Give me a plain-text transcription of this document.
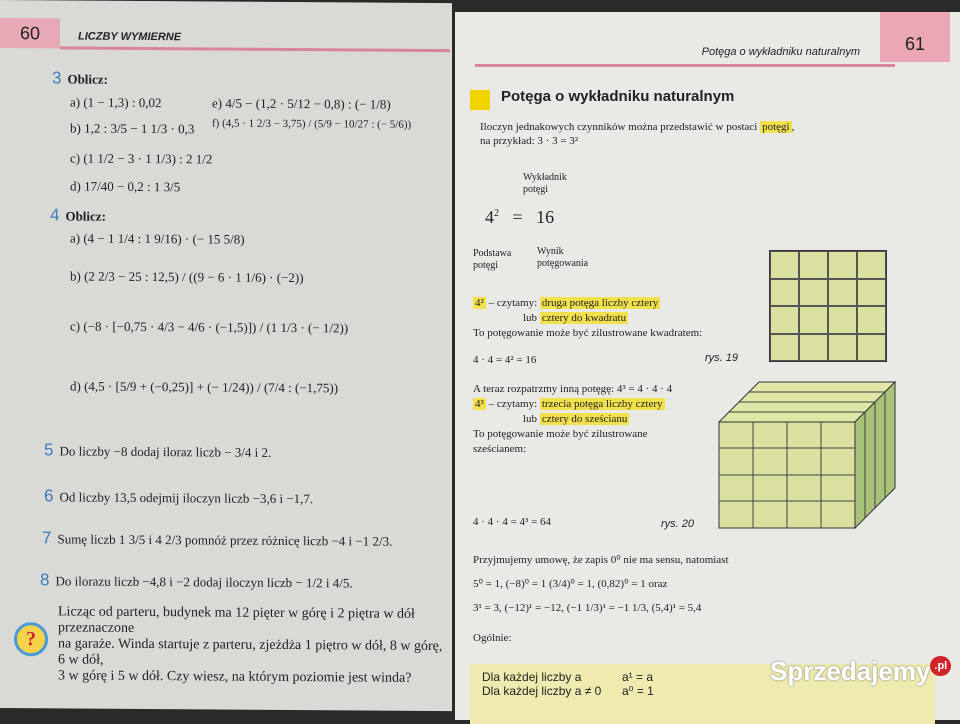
60	LICZBY WYMIERNE
3 Oblicz:
a) (1 − 1,3) : 0,02
b) 1,2 : 3/5 − 1 1/3 · 0,3
c) (1 1/2 − 3 · 1 1/3) : 2 1/2
d) 17/40 − 0,2 : 1 3/5
e) 4/5 − (1,2 · 5/12 − 0,8) : (− 1/8)
f) (4,5 · 1 2/3 − 3,75) / (5/9 − 10/27 : (− 5/6))
4 Oblicz:
a) (4 − 1 1/4 : 1 9/16) · (− 15 5/8)
b) (2 2/3 − 25 : 12,5) / ((9 − 6 · 1 1/6) · (−2))
c) (−8 · [−0,75 · 4/3 − 4/6 · (−1,5)]) / (1 1/3 · (− 1/2))
d) (4,5 · [5/9 + (−0,25)] + (− 1/24)) / (7/4 : (−1,75))
5 Do liczby −8 dodaj iloraz liczb − 3/4 i 2.
6 Od liczby 13,5 odejmij iloczyn liczb −3,6 i −1,7.
7 Sumę liczb 1 3/5 i 4 2/3 pomnóż przez różnicę liczb −4 i −1 2/3.
8 Do ilorazu liczb −4,8 i −2 dodaj iloczyn liczb − 1/2 i 4/5.
?
Licząc od parteru, budynek ma 12 pięter w górę i 2 piętra w dół przeznaczone
na garaże. Winda startuje z parteru, zjeżdża 1 piętro w dół, 8 w górę, 6 w dół,
3 w górę i 5 w dół. Czy wiesz, na którym poziomie jest winda?
61
Potęga o wykładniku naturalnym
Potęga o wykładniku naturalnym
Iloczyn jednakowych czynników można przedstawić w postaci potęgi ,
na przykład: 3 · 3 = 3²
Wykładnik
potęgi
$4^2 = 16$
Podstawa
potęgi
Wynik
potęgowania
4² – czytamy: druga potęga liczby cztery
lub cztery do kwadratu
To potęgowanie może być zilustrowane kwadratem:
4 · 4 = 4² = 16	rys. 19
A teraz rozpatrzmy inną potęgę: 4³ = 4 · 4 · 4
4³ – czytamy: trzecia potęga liczby cztery
lub cztery do sześcianu
To potęgowanie może być zilustrowane
sześcianem:
4 · 4 · 4 = 4³ = 64	rys. 20
Przyjmujemy umowę, że zapis 0⁰ nie ma sensu, natomiast
5⁰ = 1, (−8)⁰ = 1 (3/4)⁰ = 1, (0,82)⁰ = 1 oraz
3¹ = 3, (−12)¹ = −12, (−1 1/3)¹ = −1 1/3, (5,4)¹ = 5,4
Ogólnie:
Dla każdej liczby a	a¹ = a
Dla każdej liczby a ≠ 0 a⁰ = 1
Sprzedajemy .pl
